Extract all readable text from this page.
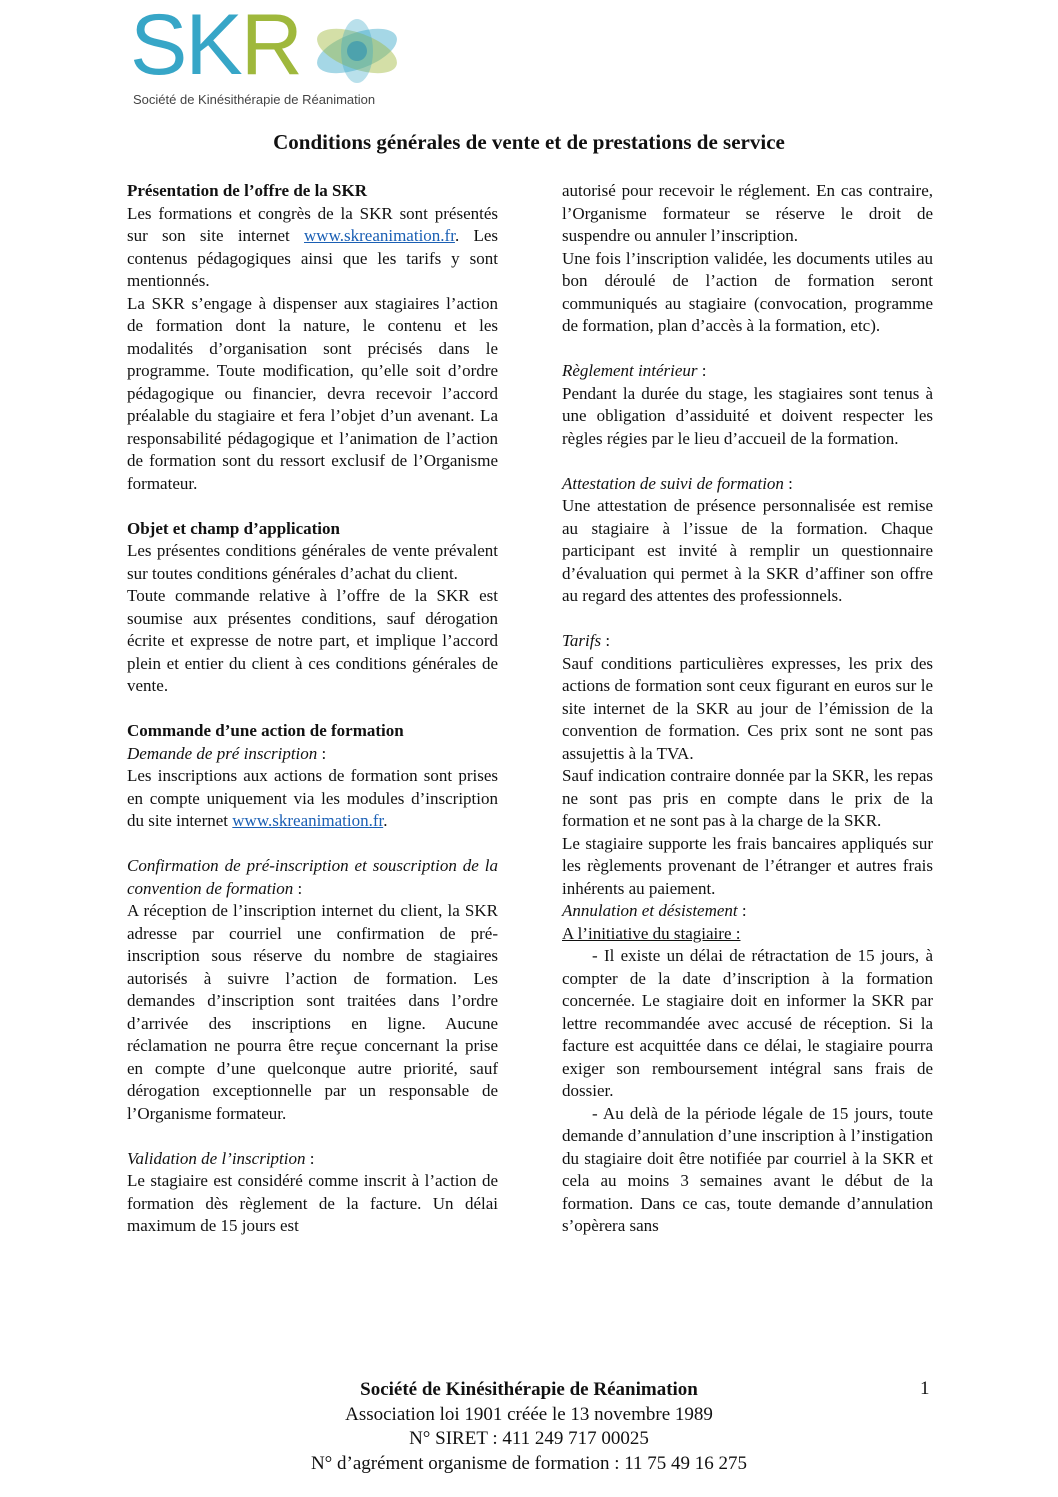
SKR
Société de Kinésithérapie de Réanimation
Conditions générales de vente et de prestations de service

Présentation de l’offre de la SKR

Les formations et congrès de la SKR sont présentés sur son site internet www.skreanimation.fr. Les contenus pédagogiques ainsi que les tarifs y sont mentionnés.

La SKR s’engage à dispenser aux stagiaires l’action de formation dont la nature, le contenu et les modalités d’organisation sont précisés dans le programme. Toute modification, qu’elle soit d’ordre pédagogique ou financier, devra recevoir l’accord préalable du stagiaire et fera l’objet d’un avenant. La responsabilité pédagogique et l’animation de l’action de formation sont du ressort exclusif de l’Organisme formateur.

Objet et champ d’application

Les présentes conditions générales de vente prévalent sur toutes conditions générales d’achat du client.

Toute commande relative à l’offre de la SKR est soumise aux présentes conditions, sauf dérogation écrite et expresse de notre part, et implique l’accord plein et entier du client à ces conditions générales de vente.

Commande d’une action de formation

Demande de pré inscription :

Les inscriptions aux actions de formation sont prises en compte uniquement via les modules d’inscription du site internet www.skreanimation.fr.

Confirmation de pré-inscription et souscription de la convention de formation :

A réception de l’inscription internet du client, la SKR adresse par courriel une confirmation de pré-inscription sous réserve du nombre de stagiaires autorisés à suivre l’action de formation. Les demandes d’inscription sont traitées dans l’ordre d’arrivée des inscriptions en ligne. Aucune réclamation ne pourra être reçue concernant la prise en compte d’une quelconque autre priorité, sauf dérogation exceptionnelle par un responsable de l’Organisme formateur.

Validation de l’inscription :

Le stagiaire est considéré comme inscrit à l’action de formation dès règlement de la facture. Un délai maximum de 15 jours est

autorisé pour recevoir le réglement. En cas contraire, l’Organisme formateur se réserve le droit de suspendre ou annuler l’inscription.

Une fois l’inscription validée, les documents utiles au bon déroulé de l’action de formation seront communiqués au stagiaire (convocation, programme de formation, plan d’accès à la formation, etc).

Règlement intérieur :

Pendant la durée du stage, les stagiaires sont tenus à une obligation d’assiduité et doivent respecter les règles régies par le lieu d’accueil de la formation.

Attestation de suivi de formation :

Une attestation de présence personnalisée est remise au stagiaire à l’issue de la formation. Chaque participant est invité à remplir un questionnaire d’évaluation qui permet à la SKR d’affiner son offre au regard des attentes des professionnels.

Tarifs :

Sauf conditions particulières expresses, les prix des actions de formation sont ceux figurant en euros sur le site internet de la SKR au jour de l’émission de la convention de formation. Ces prix sont ne sont pas assujettis à la TVA.

Sauf indication contraire donnée par la SKR, les repas ne sont pas pris en compte dans le prix de la formation et ne sont pas à la charge de la SKR.

Le stagiaire supporte les frais bancaires appliqués sur les règlements provenant de l’étranger et autres frais inhérents au paiement.

Annulation et désistement :

A l’initiative du stagiaire :

- Il existe un délai de rétractation de 15 jours, à compter de la date d’inscription à la formation concernée. Le stagiaire doit en informer la SKR par lettre recommandée avec accusé de réception. Si la facture est acquittée dans ce délai, le stagiaire pourra exiger son remboursement intégral sans frais de dossier.

- Au delà de la période légale de 15 jours, toute demande d’annulation d’une inscription à l’instigation du stagiaire doit être notifiée par courriel à la SKR et cela au moins 3 semaines avant le début de la formation. Dans ce cas, toute demande d’annulation s’opèrera sans

Société de Kinésithérapie de Réanimation
Association loi 1901 créée le 13 novembre 1989
N° SIRET : 411 249 717 00025
N° d’agrément organisme de formation : 11 75 49 16 275
1
